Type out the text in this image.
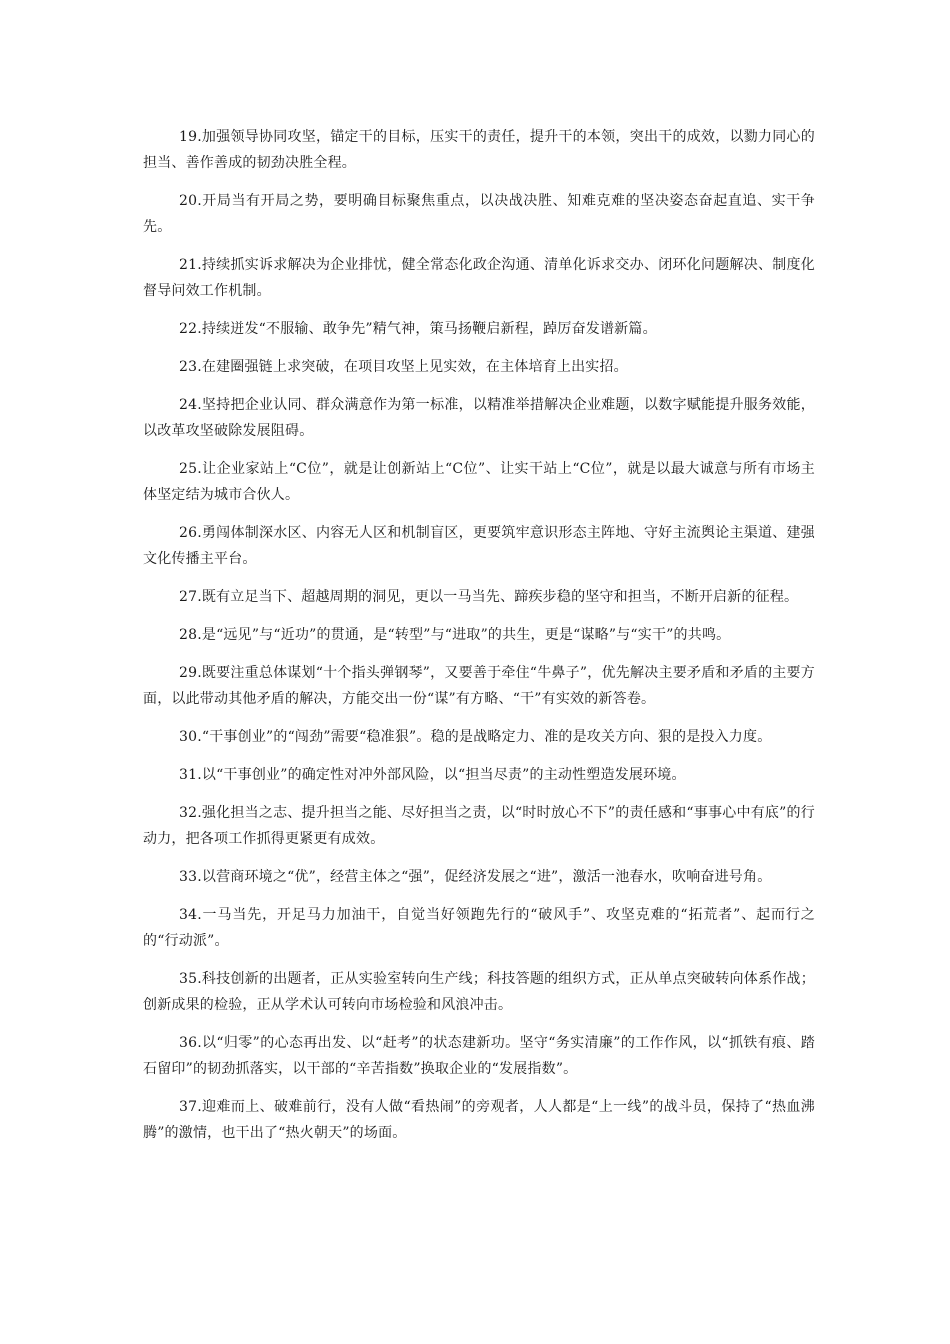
19.加强领导协同攻坚，锚定干的目标，压实干的责任，提升干的本领，突出干的成效，以勠力同心的担当、善作善成的韧劲决胜全程。

20.开局当有开局之势，要明确目标聚焦重点，以决战决胜、知难克难的坚决姿态奋起直追、实干争先。

21.持续抓实诉求解决为企业排忧，健全常态化政企沟通、清单化诉求交办、闭环化问题解决、制度化督导问效工作机制。

22.持续迸发“不服输、敢争先”精气神，策马扬鞭启新程，踔厉奋发谱新篇。

23.在建圈强链上求突破，在项目攻坚上见实效，在主体培育上出实招。

24.坚持把企业认同、群众满意作为第一标准，以精准举措解决企业难题，以数字赋能提升服务效能，以改革攻坚破除发展阻碍。

25.让企业家站上“C位”，就是让创新站上“C位”、让实干站上“C位”，就是以最大诚意与所有市场主体坚定结为城市合伙人。

26.勇闯体制深水区、内容无人区和机制盲区，更要筑牢意识形态主阵地、守好主流舆论主渠道、建强文化传播主平台。

27.既有立足当下、超越周期的洞见，更以一马当先、蹄疾步稳的坚守和担当，不断开启新的征程。

28.是“远见”与“近功”的贯通，是“转型”与“进取”的共生，更是“谋略”与“实干”的共鸣。

29.既要注重总体谋划“十个指头弹钢琴”，又要善于牵住“牛鼻子”，优先解决主要矛盾和矛盾的主要方面，以此带动其他矛盾的解决，方能交出一份“谋”有方略、“干”有实效的新答卷。

30.“干事创业”的“闯劲”需要“稳准狠”。稳的是战略定力、准的是攻关方向、狠的是投入力度。

31.以“干事创业”的确定性对冲外部风险，以“担当尽责”的主动性塑造发展环境。

32.强化担当之志、提升担当之能、尽好担当之责，以“时时放心不下”的责任感和“事事心中有底”的行动力，把各项工作抓得更紧更有成效。

33.以营商环境之“优”，经营主体之“强”，促经济发展之“进”，激活一池春水，吹响奋进号角。

34.一马当先，开足马力加油干，自觉当好领跑先行的“破风手”、攻坚克难的“拓荒者”、起而行之的“行动派”。

35.科技创新的出题者，正从实验室转向生产线；科技答题的组织方式，正从单点突破转向体系作战；创新成果的检验，正从学术认可转向市场检验和风浪冲击。

36.以“归零”的心态再出发、以“赶考”的状态建新功。坚守“务实清廉”的工作作风，以“抓铁有痕、踏石留印”的韧劲抓落实，以干部的“辛苦指数”换取企业的“发展指数”。

37.迎难而上、破难前行，没有人做“看热闹”的旁观者，人人都是“上一线”的战斗员，保持了“热血沸腾”的激情，也干出了“热火朝天”的场面。
